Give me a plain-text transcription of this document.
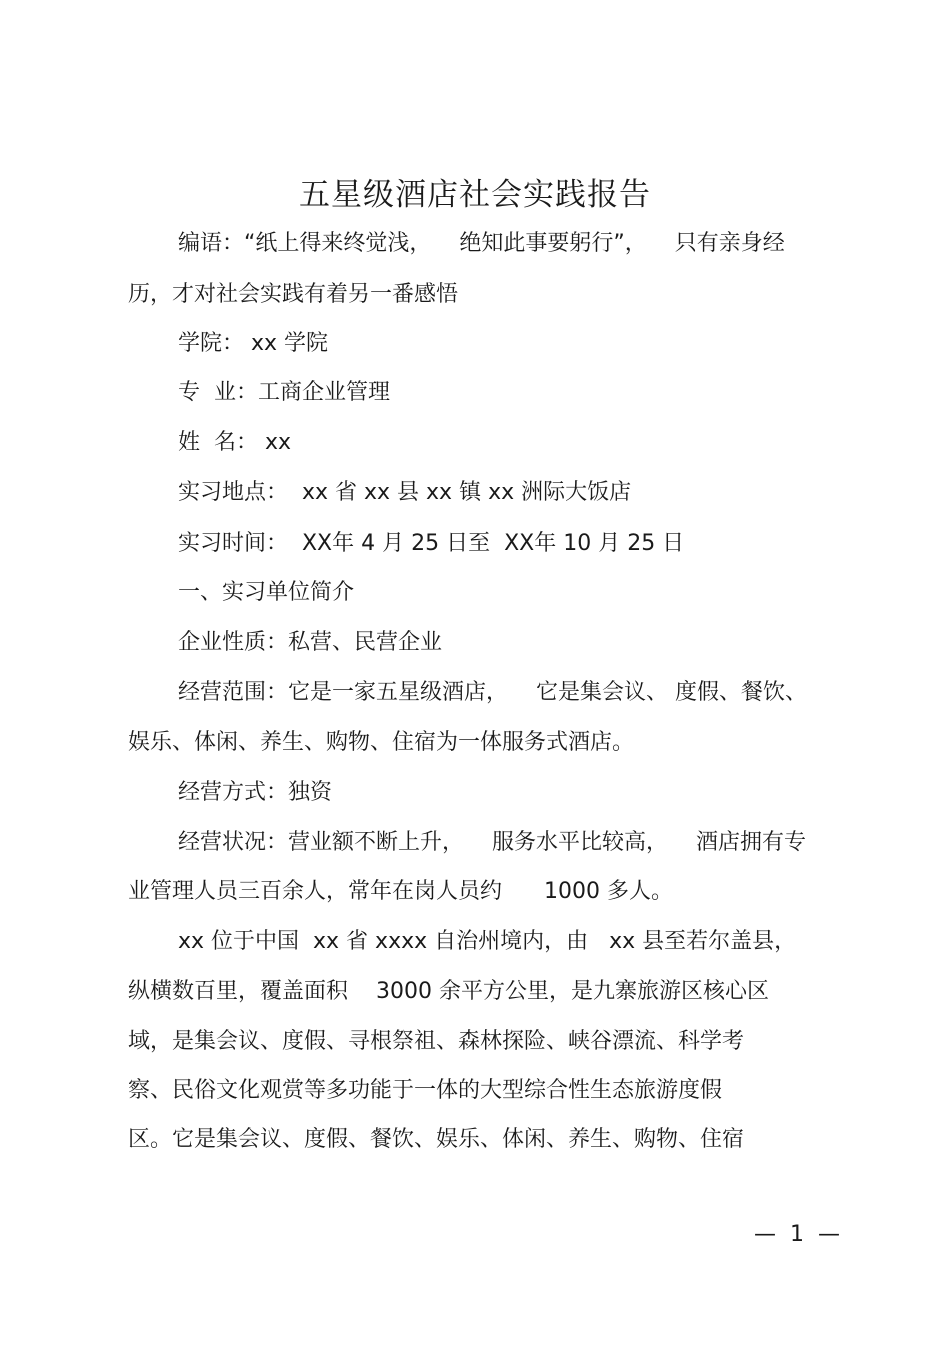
五星级酒店社会实践报告
编语：“纸上得来终觉浅，    绝知此事要躬行”，    只有亲身经
历，才对社会实践有着另一番感悟
学院： xx 学院
专  业：工商企业管理
姓  名： xx
实习地点：  xx 省 xx 县 xx 镇 xx 洲际大饭店
实习时间：  XX年 4 月 25 日至  XX年 10 月 25 日
一、实习单位简介
企业性质：私营、民营企业
经营范围：它是一家五星级酒店，    它是集会议、 度假、餐饮、
娱乐、体闲、养生、购物、住宿为一体服务式酒店。
经营方式：独资
经营状况：营业额不断上升，    服务水平比较高，    酒店拥有专
业管理人员三百余人，常年在岗人员约      1000 多人。
xx 位于中国  xx 省 xxxx 自治州境内，由   xx 县至若尔盖县，
纵横数百里，覆盖面积    3000 余平方公里，是九寨旅游区核心区
域，是集会议、度假、寻根祭祖、森林探险、峡谷漂流、科学考
察、民俗文化观赏等多功能于一体的大型综合性生态旅游度假
区。它是集会议、度假、餐饮、娱乐、体闲、养生、购物、住宿
—  1  —
